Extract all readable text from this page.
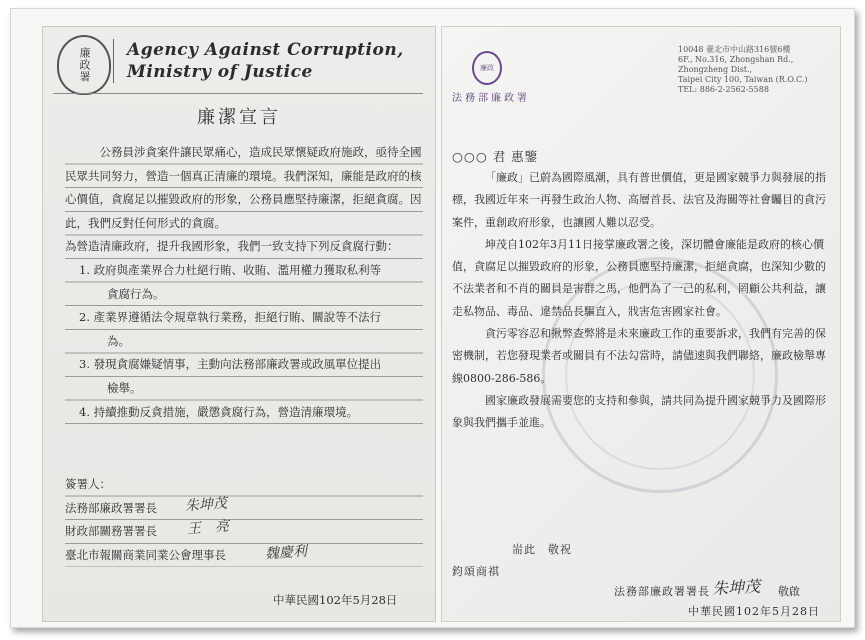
廉政署 Agency Against Corruption,
Ministry of Justice
廉潔宣言

公務員涉貪案件讓民眾痛心，造成民眾懷疑政府施政，亟待全國民眾共同努力，營造一個真正清廉的環境。我們深知，廉能是政府的核心價值，貪腐足以摧毀政府的形象，公務員應堅持廉潔，拒絕貪腐。因此，我們反對任何形式的貪腐。

為營造清廉政府，提升我國形象，我們一致支持下列反貪腐行動：

1. 政府與產業界合力杜絕行賄、收賄、濫用權力獲取私利等
貪腐行為。

2. 產業界遵循法令規章執行業務，拒絕行賄、關說等不法行
為。

3. 發現貪腐嫌疑情事，主動向法務部廉政署或政風單位提出
檢舉。

4. 持續推動反貪措施，嚴懲貪腐行為，營造清廉環境。

簽署人：
法務部廉政署署長 朱坤茂
財政部關務署署長 王　亮
臺北市報關商業同業公會理事長	魏慶利
中華民國102年5月28日
廉政
法務部廉政署
10048 臺北市中山路316號6樓
6F., No.316, Zhongshan Rd., Zhongzheng Dist.,
Taipei City 100, Taiwan (R.O.C.)
TEL: 886-2-2562-5588
○○○ 君 惠鑒

「廉政」已蔚為國際風潮，具有普世價值，更是國家競爭力與發展的指標，我國近年來一再發生政治人物、高層首長、法官及海關等社會矚目的貪污案件，重創政府形象，也讓國人難以忍受。

坤茂自102年3月11日接掌廉政署之後，深切體會廉能是政府的核心價值，貪腐足以摧毀政府的形象，公務員應堅持廉潔，拒絕貪腐，也深知少數的不法業者和不肖的關員是害群之馬，他們為了一己的私利，罔顧公共利益，讓走私物品、毒品、違禁品長驅直入，戕害危害國家社會。

貪污零容忍和揪弊查弊將是未來廉政工作的重要訴求，我們有完善的保密機制，若您發現業者或關員有不法勾當時，請儘速與我們聯絡，廉政檢舉專線0800-286-586。

國家廉政發展需要您的支持和參與，請共同為提升國家競爭力及國際形象與我們攜手並進。

耑此　敬祝
鈞頌商祺
法務部廉政署署長 朱坤茂 敬啟
中華民國102年5月28日
